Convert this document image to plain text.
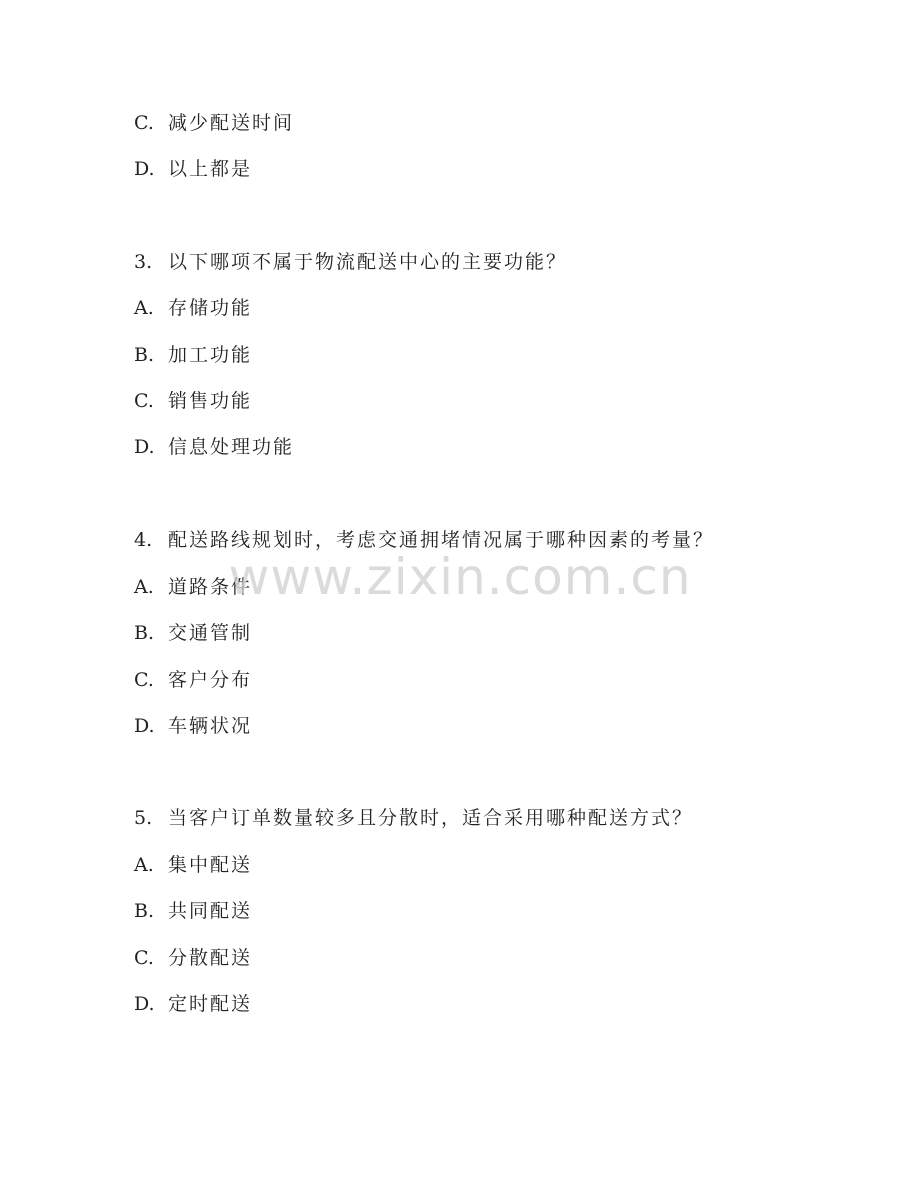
C. 减少配送时间
D. 以上都是
3. 以下哪项不属于物流配送中心的主要功能？
A. 存储功能
B. 加工功能
C. 销售功能
D. 信息处理功能
4. 配送路线规划时，考虑交通拥堵情况属于哪种因素的考量？
A. 道路条件
B. 交通管制
C. 客户分布
D. 车辆状况
5. 当客户订单数量较多且分散时，适合采用哪种配送方式？
A. 集中配送
B. 共同配送
C. 分散配送
D. 定时配送
www.zixin.com.cn
